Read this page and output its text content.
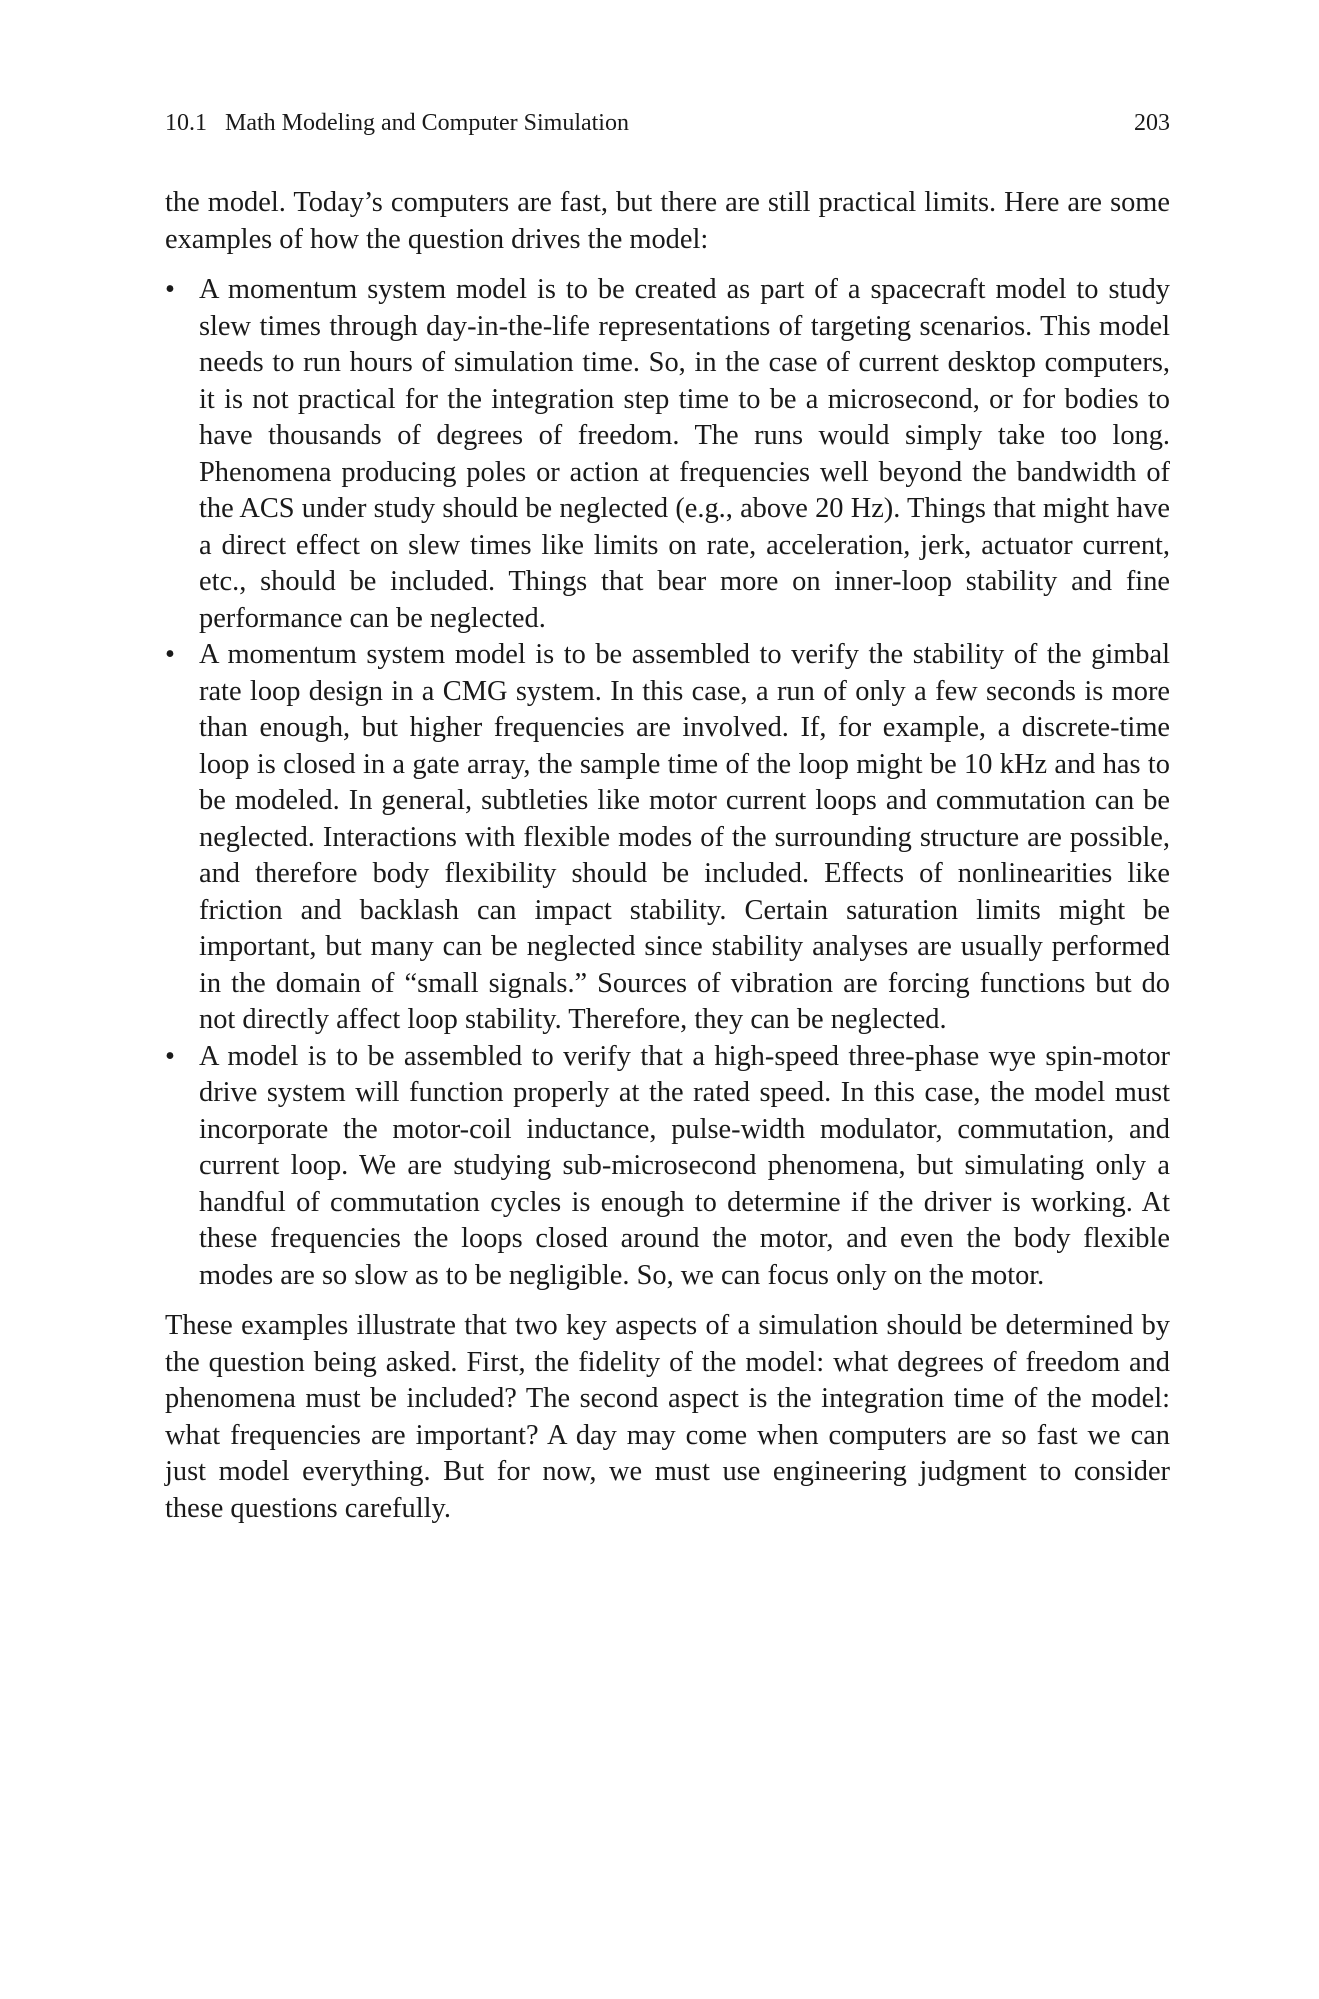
10.1 Math Modeling and Computer Simulation	203

the model. Today’s computers are fast, but there are still practical limits. Here are some examples of how the question drives the model:

• A momentum system model is to be created as part of a spacecraft model to study slew times through day-in-the-life representations of targeting scenarios. This model needs to run hours of simulation time. So, in the case of current desktop computers, it is not practical for the integration step time to be a microsecond, or for bodies to have thousands of degrees of freedom. The runs would simply take too long. Phenomena producing poles or action at frequencies well beyond the bandwidth of the ACS under study should be neglected (e.g., above 20 Hz). Things that might have a direct effect on slew times like limits on rate, acceleration, jerk, actuator current, etc., should be included. Things that bear more on inner-loop stability and fine performance can be neglected.
• A momentum system model is to be assembled to verify the stability of the gimbal rate loop design in a CMG system. In this case, a run of only a few seconds is more than enough, but higher frequencies are involved. If, for example, a discrete-time loop is closed in a gate array, the sample time of the loop might be 10 kHz and has to be modeled. In general, subtleties like motor current loops and commutation can be neglected. Interactions with flexible modes of the surrounding structure are possible, and therefore body flexibility should be included. Effects of nonlinearities like friction and backlash can impact stability. Certain saturation limits might be important, but many can be neglected since stability analyses are usually performed in the domain of “small signals.” Sources of vibration are forcing functions but do not directly affect loop stability. Therefore, they can be neglected.
• A model is to be assembled to verify that a high-speed three-phase wye spin-motor drive system will function properly at the rated speed. In this case, the model must incorporate the motor-coil inductance, pulse-width modulator, commutation, and current loop. We are studying sub-microsecond phenomena, but simulating only a handful of commutation cycles is enough to determine if the driver is working. At these frequencies the loops closed around the motor, and even the body flexible modes are so slow as to be negligible. So, we can focus only on the motor.

These examples illustrate that two key aspects of a simulation should be determined by the question being asked. First, the fidelity of the model: what degrees of freedom and phenomena must be included? The second aspect is the integration time of the model: what frequencies are important? A day may come when computers are so fast we can just model everything. But for now, we must use engineering judgment to consider these questions carefully.
